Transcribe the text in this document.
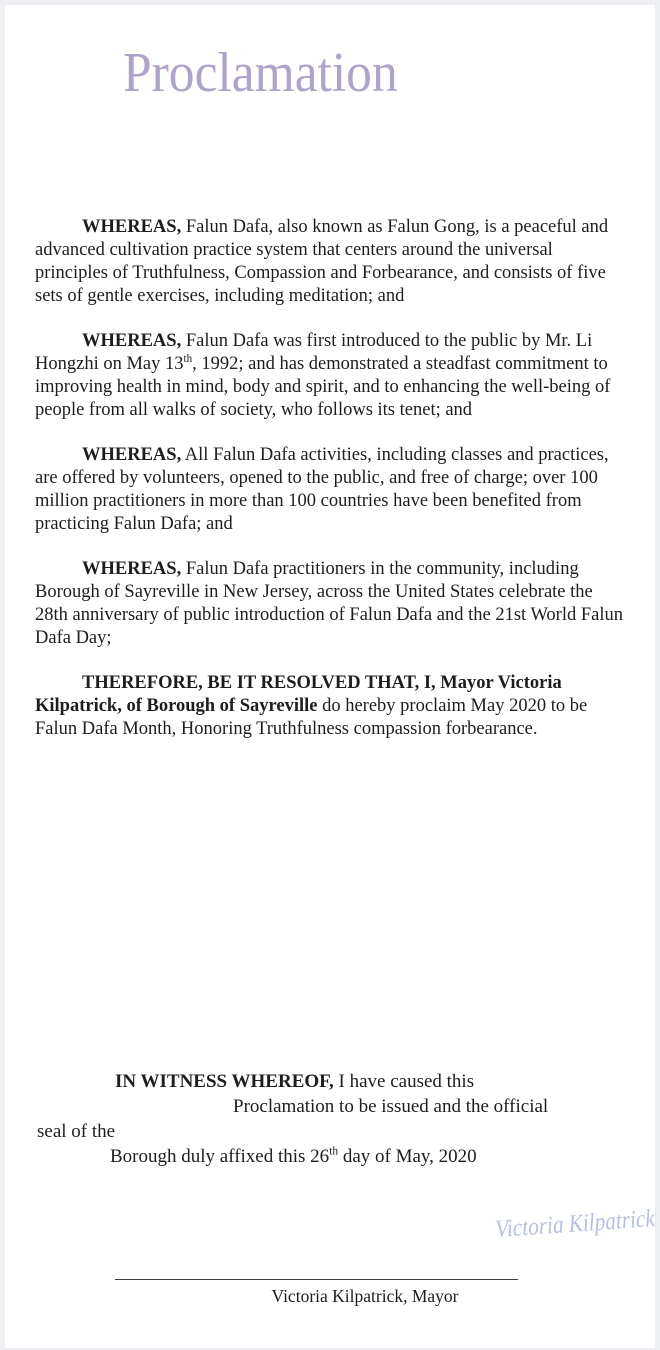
Proclamation

WHEREAS, Falun Dafa, also known as Falun Gong, is a peaceful and advanced cultivation practice system that centers around the universal principles of Truthfulness, Compassion and Forbearance, and consists of five sets of gentle exercises, including meditation; and

WHEREAS, Falun Dafa was first introduced to the public by Mr. Li Hongzhi on May 13th, 1992; and has demonstrated a steadfast commitment to improving health in mind, body and spirit, and to enhancing the well-being of people from all walks of society, who follows its tenet; and

WHEREAS, All Falun Dafa activities, including classes and practices, are offered by volunteers, opened to the public, and free of charge; over 100 million practitioners in more than 100 countries have been benefited from practicing Falun Dafa; and

WHEREAS, Falun Dafa practitioners in the community, including Borough of Sayreville in New Jersey, across the United States celebrate the 28th anniversary of public introduction of Falun Dafa and the 21st World Falun Dafa Day;

THEREFORE, BE IT RESOLVED THAT, I, Mayor Victoria Kilpatrick, of Borough of Sayreville do hereby proclaim May 2020 to be Falun Dafa Month, Honoring Truthfulness compassion forbearance.

IN WITNESS WHEREOF, I have caused this
Proclamation to be issued and the official
seal of the
Borough duly affixed this 26th day of May, 2020
Victoria Kilpatrick
Victoria Kilpatrick, Mayor
